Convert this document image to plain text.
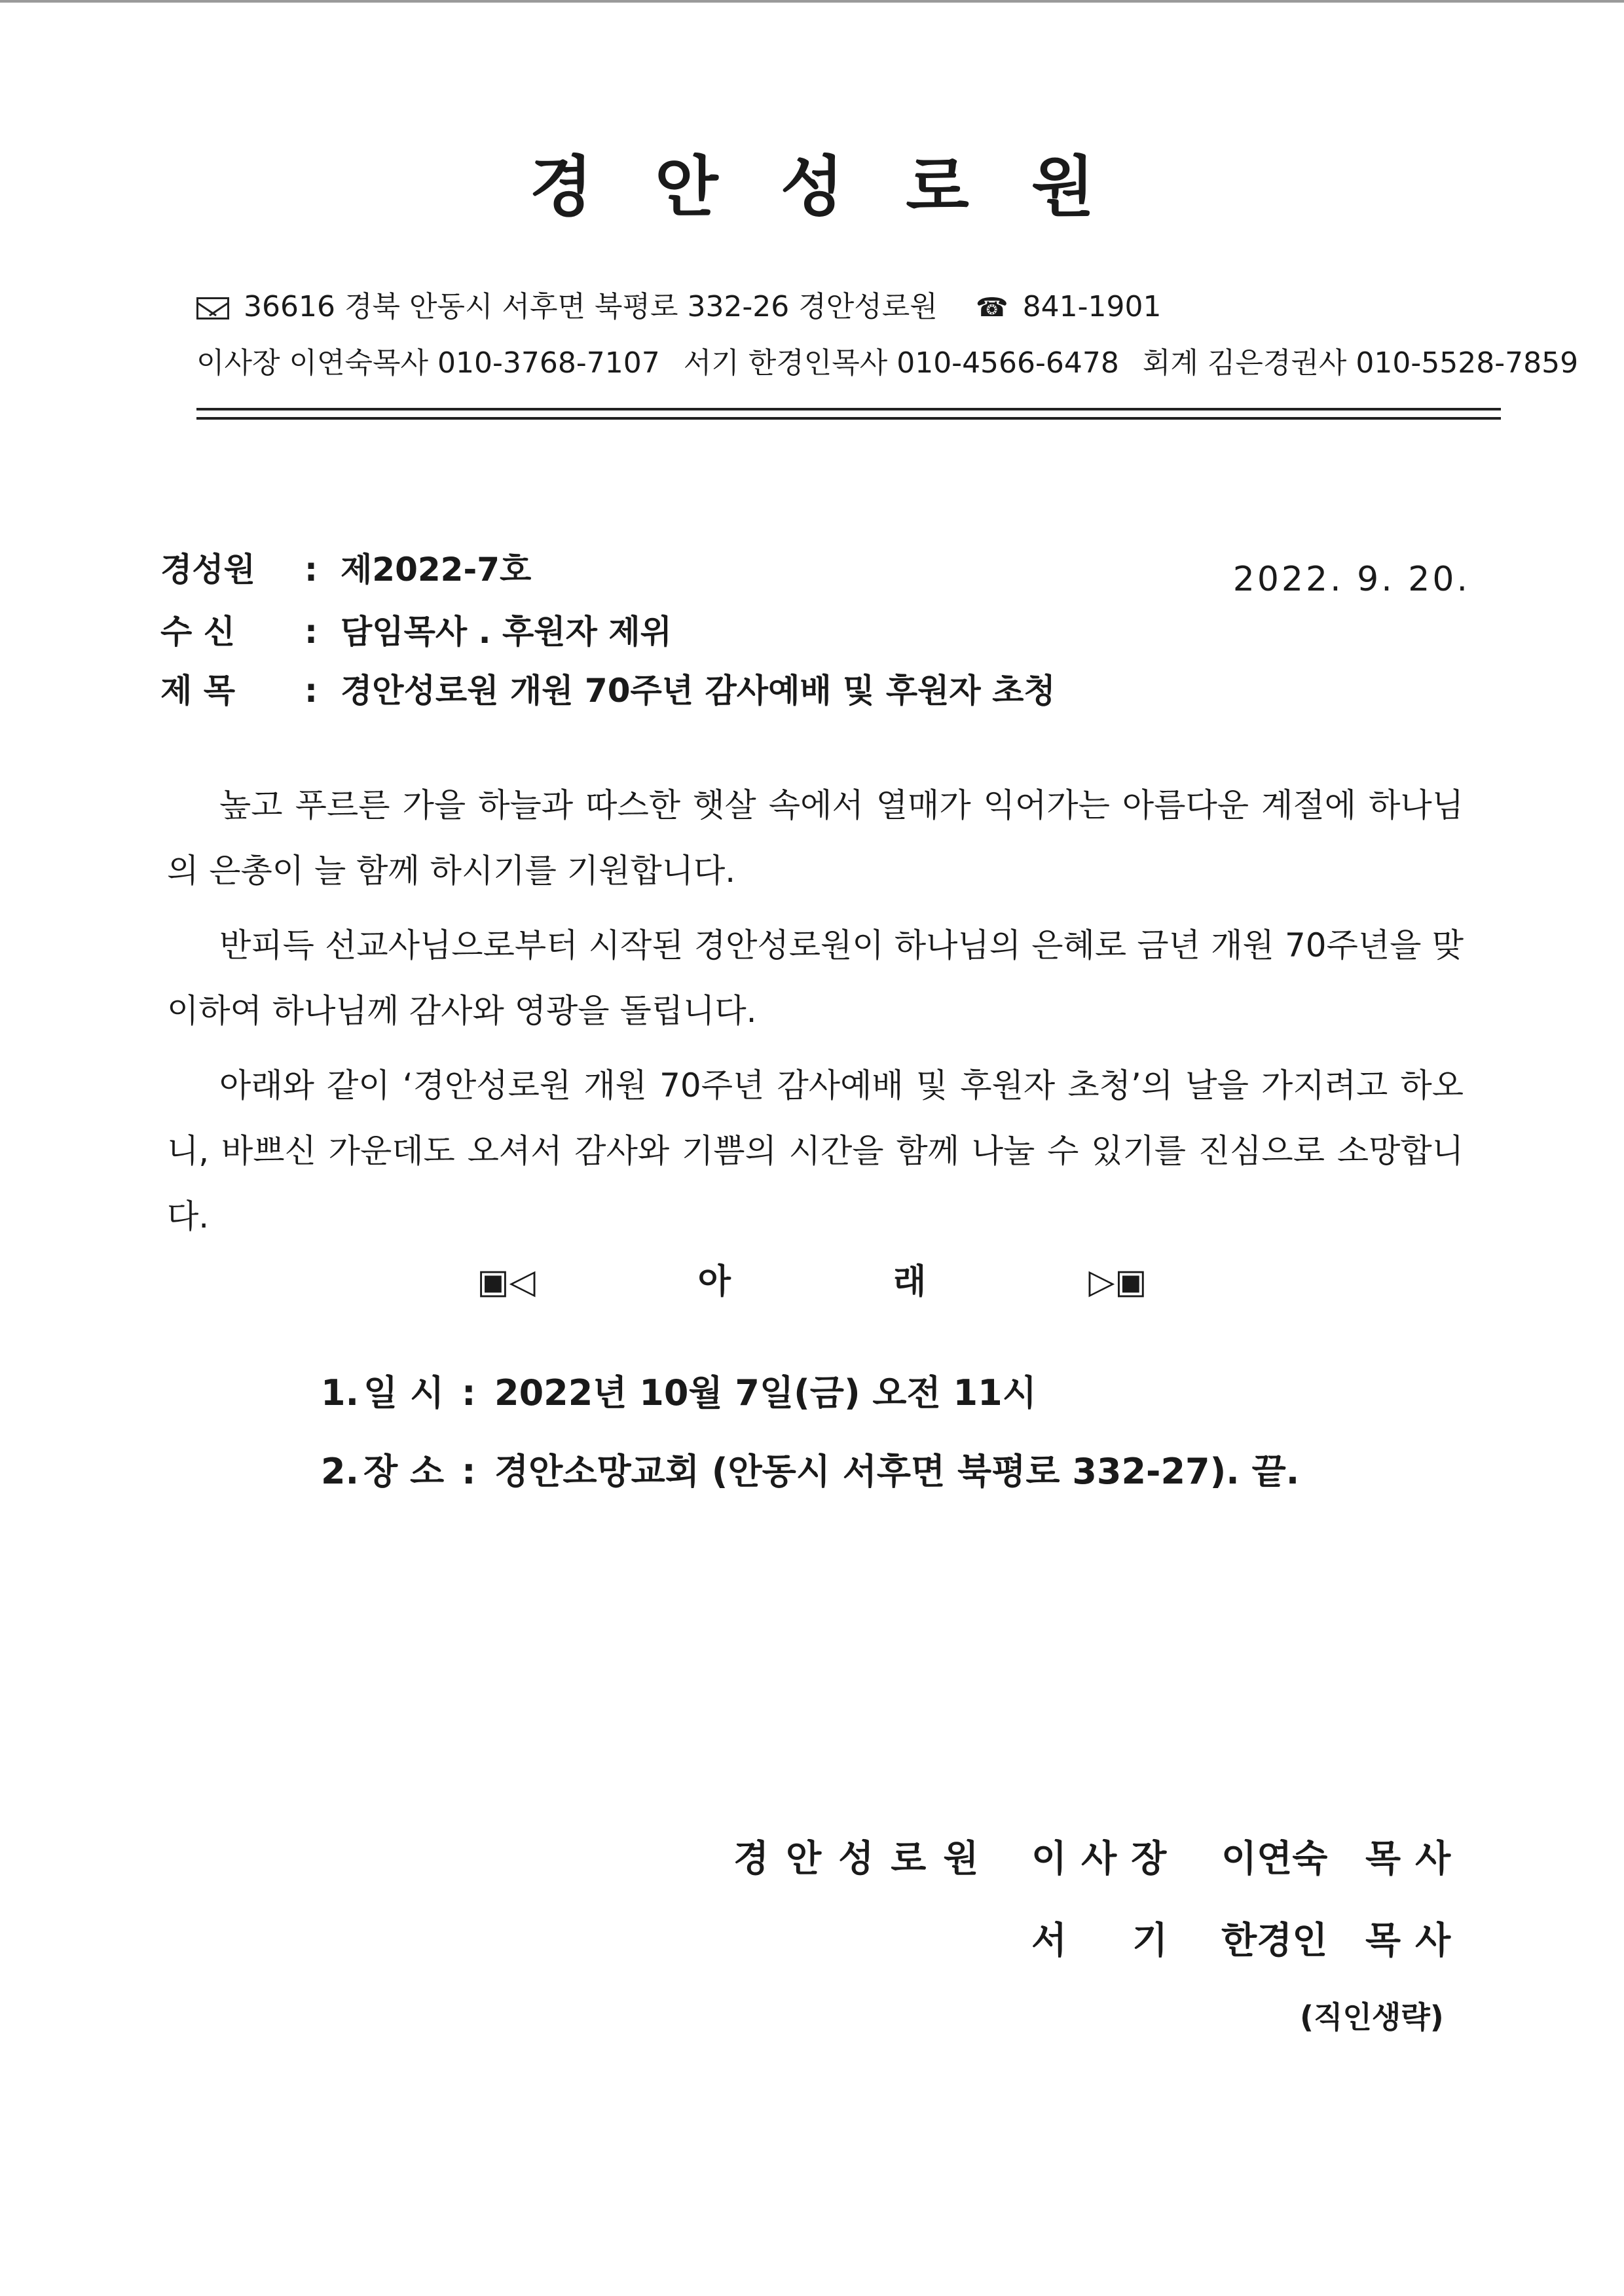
경안성로원
36616 경북 안동시 서후면 북평로 332-26 경안성로원 ☎ 841-1901
이사장 이연숙목사 010-3768-7107 서기 한경인목사 010-4566-6478 회계 김은경권사 010-5528-7859
경성원 : 제2022-7호	2022. 9. 20.
수 신 : 담임목사 . 후원자 제위
제 목 : 경안성로원 개원 70주년 감사예배 및 후원자 초청

높고 푸르른 가을 하늘과 따스한 햇살 속에서 열매가 익어가는 아름다운 계절에 하나님의 은총이 늘 함께 하시기를 기원합니다.

반피득 선교사님으로부터 시작된 경안성로원이 하나님의 은혜로 금년 개원 70주년을 맞이하여 하나님께 감사와 영광을 돌립니다.

아래와 같이 ‘경안성로원 개원 70주년 감사예배 및 후원자 초청’의 날을 가지려고 하오니, 바쁘신 가운데도 오셔서 감사와 기쁨의 시간을 함께 나눌 수 있기를 진심으로 소망합니다.

▣◁ 아 래 ▷▣
1. 일 시 : 2022년 10월 7일(금) 오전 11시
2. 장 소 : 경안소망교회 (안동시 서후면 북평로 332-27). 끝.
경안성로원 이사장 이연숙 목사
서기
한경인 목사
(직인생략)
